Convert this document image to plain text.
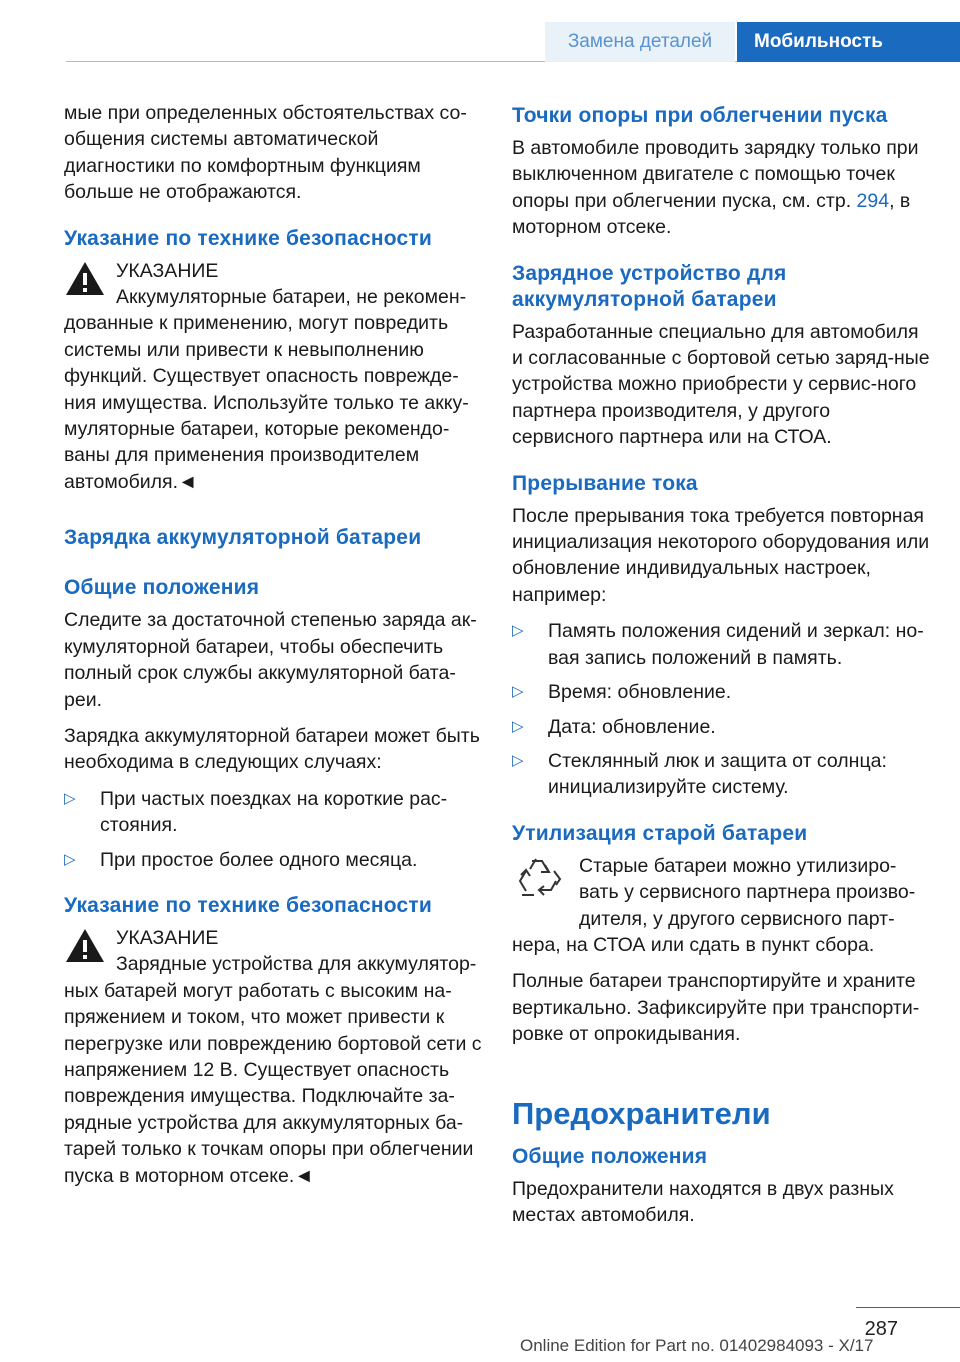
Замена деталей	Мобильность

мые при определенных обстоятельствах со-общения системы автоматической диагностики по комфортным функциям больше не отображаются.

Указание по технике безопасности
УКАЗАНИЕ
Аккумуляторные батареи, не рекомен-

дованные к применению, могут повредить системы или привести к невыполнению функций. Существует опасность поврежде-ния имущества. Используйте только те акку-муляторные батареи, которые рекомендо-ваны для применения производителем автомобиля.◄

Зарядка аккумуляторной батареи
Общие положения

Следите за достаточной степенью заряда ак-кумуляторной батареи, чтобы обеспечить полный срок службы аккумуляторной бата-реи.

Зарядка аккумуляторной батареи может быть необходима в следующих случаях:

▷ При частых поездках на короткие рас-стояния.
▷ При простое более одного месяца.
Указание по технике безопасности
УКАЗАНИЕ
Зарядные устройства для аккумулятор-

ных батарей могут работать с высоким на-пряжением и током, что может привести к перегрузке или повреждению бортовой сети с напряжением 12 В. Существует опасность повреждения имущества. Подключайте за-рядные устройства для аккумуляторных ба-тарей только к точкам опоры при облегчении пуска в моторном отсеке.◄

Точки опоры при облегчении пуска

В автомобиле проводить зарядку только при выключенном двигателе с помощью точек опоры при облегчении пуска, см. стр. 294, в моторном отсеке.

Зарядное устройство для аккумуляторной батареи

Разработанные специально для автомобиля и согласованные с бортовой сетью заряд-ные устройства можно приобрести у сервис-ного партнера производителя, у другого сервисного партнера или на СТОА.

Прерывание тока

После прерывания тока требуется повторная инициализация некоторого оборудования или обновление индивидуальных настроек, например:

▷ Память положения сидений и зеркал: но-вая запись положений в память.
▷ Время: обновление.
▷ Дата: обновление.
▷ Стеклянный люк и защита от солнца: инициализируйте систему.
Утилизация старой батареи
Старые батареи можно утилизиро-
вать у сервисного партнера произво-
дителя, у другого сервисного парт-

нера, на СТОА или сдать в пункт сбора.

Полные батареи транспортируйте и храните вертикально. Зафиксируйте при транспорти-ровке от опрокидывания.

Предохранители
Общие положения

Предохранители находятся в двух разных местах автомобиля.

287
Online Edition for Part no. 01402984093 - X/17
